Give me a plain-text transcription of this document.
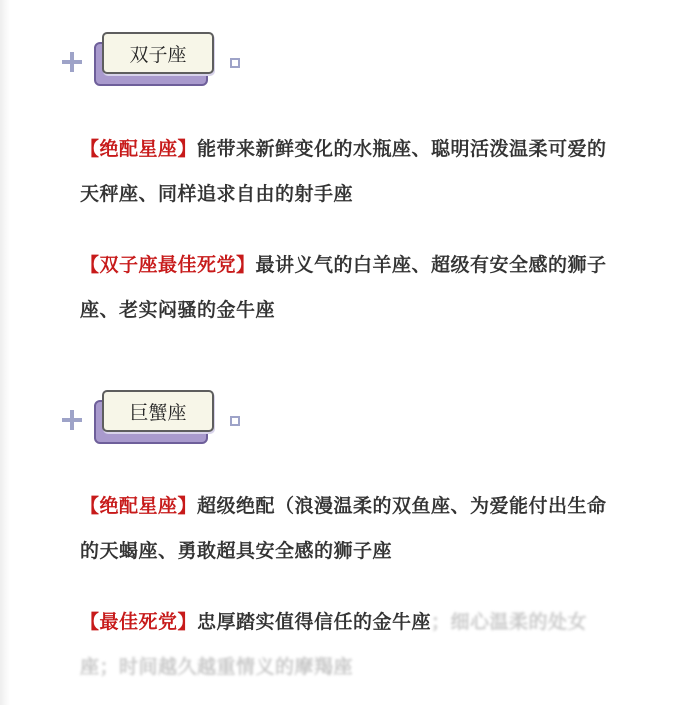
双子座

【绝配星座】能带来新鲜变化的水瓶座、聪明活泼温柔可爱的天秤座、同样追求自由的射手座

【双子座最佳死党】最讲义气的白羊座、超级有安全感的狮子座、老实闷骚的金牛座

巨蟹座

【绝配星座】超级绝配（浪漫温柔的双鱼座、为爱能付出生命的天蝎座、勇敢超具安全感的狮子座

【最佳死党】忠厚踏实值得信任的金牛座；细心温柔的处女座；时间越久越重情义的摩羯座
